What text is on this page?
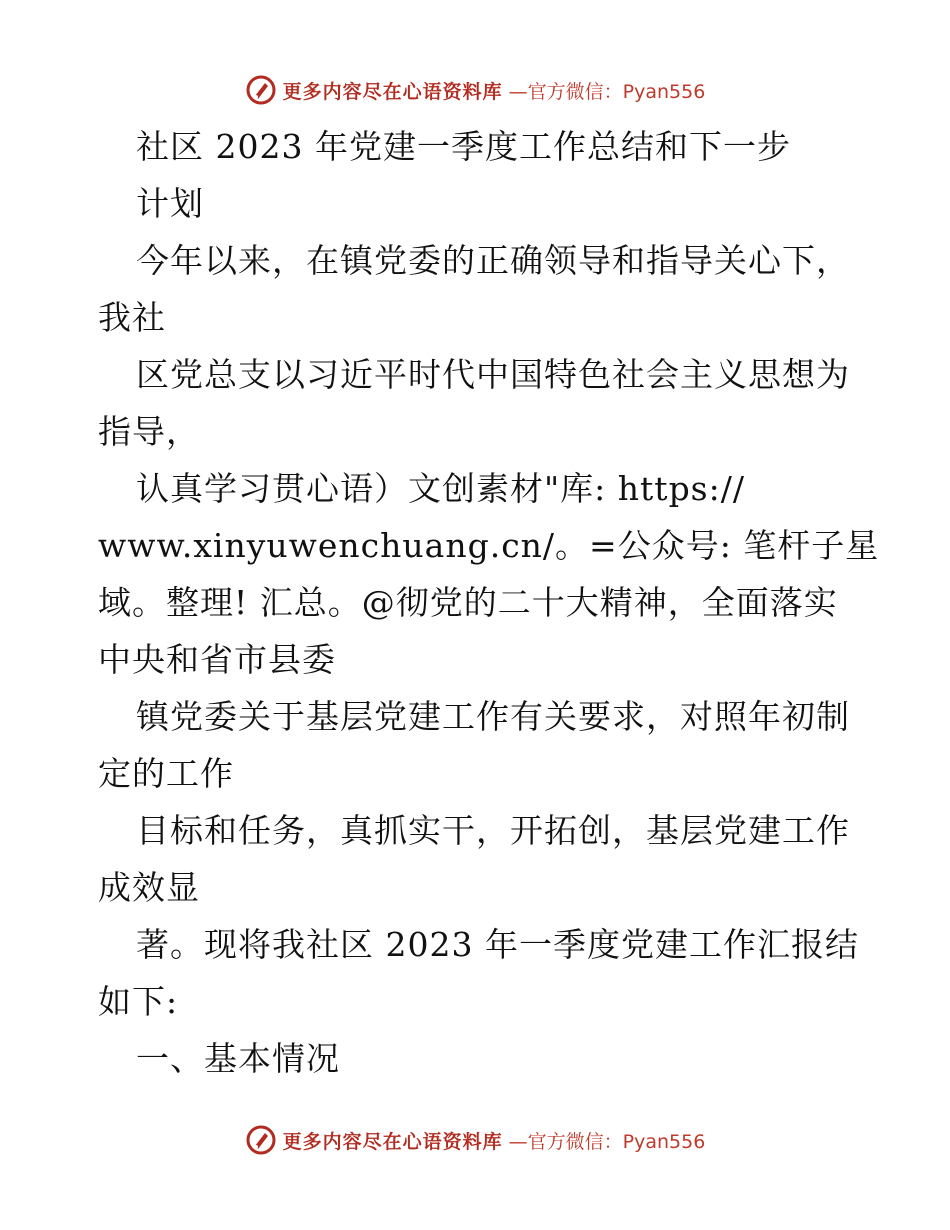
更多内容尽在心语资料库 —官方微信：Pyan556
社区 2023 年党建一季度工作总结和下一步
计划
今年以来，在镇党委的正确领导和指导关心下，
我社
区党总支以习近平时代中国特色社会主义思想为
指导，
认真学习贯心语）文创素材"库: https://
www.xinyuwenchuang.cn/。=公众号: 笔杆子星
域。整理! 汇总。@彻党的二十大精神，全面落实
中央和省市县委
镇党委关于基层党建工作有关要求，对照年初制
定的工作
目标和任务，真抓实干，开拓创，基层党建工作
成效显
著。现将我社区 2023 年一季度党建工作汇报结
如下:
一、基本情况
更多内容尽在心语资料库 —官方微信：Pyan556
